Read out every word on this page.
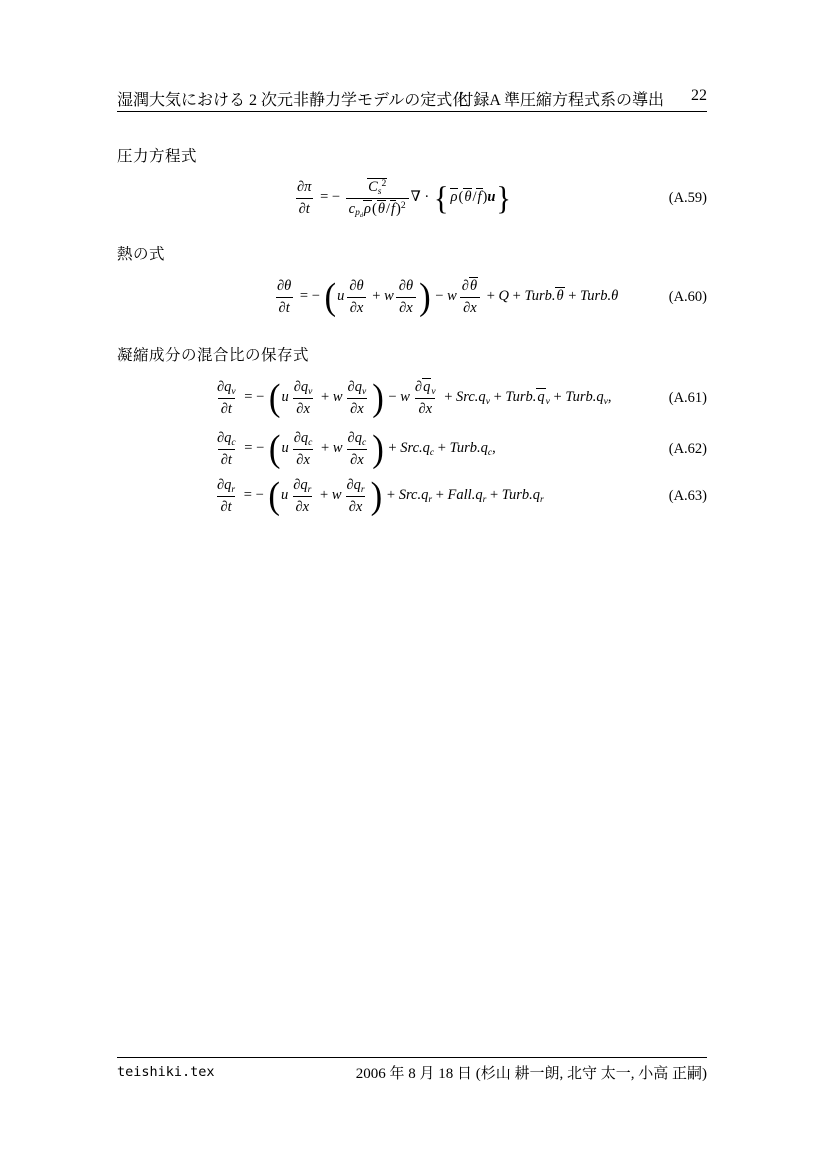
湿潤大気における 2 次元非静力学モデルの定式化
付録A 準圧縮方程式系の導出 22
圧力方程式
$\frac{\partial\pi}{\partial t}$ = −
$C_s^2$
$c_{p_d}\rho(\theta/f)^2$ ∇ · { ρ(θ/f)u}	(A.59)
熱の式
$\frac{\partial\theta}{\partial t}$ = − ($u \frac{\partial\theta}{\partial x} + w \frac{\partial\theta}{\partial x}$ ) − w $\frac{\partial\theta}{\partial x} + Q$ + Turb.θ + Turb.θ	(A.60)
凝縮成分の混合比の保存式
$\frac{\partial q_v}{\partial t}$ = − ($u \frac{\partial q_v}{\partial x} + w \frac{\partial q_v}{\partial x}$ ) − w $\frac{\partial q_v}{\partial x} + Src.q_v$ + $Turb.q_v$ + $Turb.q_v$,	(A.61)
$\frac{\partial q_c}{\partial t}$ = − ($u \frac{\partial q_c}{\partial x} + w \frac{\partial q_c}{\partial x}$ ) + $Src.q_c$ + $Turb.q_c$,	(A.62)
$\frac{\partial q_r}{\partial t}$ = − ($u \frac{\partial q_r}{\partial x} + w \frac{\partial q_r}{\partial x}$ ) + $Src.q_r$ + $Fall.q_r$ + $Turb.q_r$	(A.63)
teishiki.tex	2006 年 8 月 18 日 (杉山 耕一朗, 北守 太一, 小高 正嗣)
